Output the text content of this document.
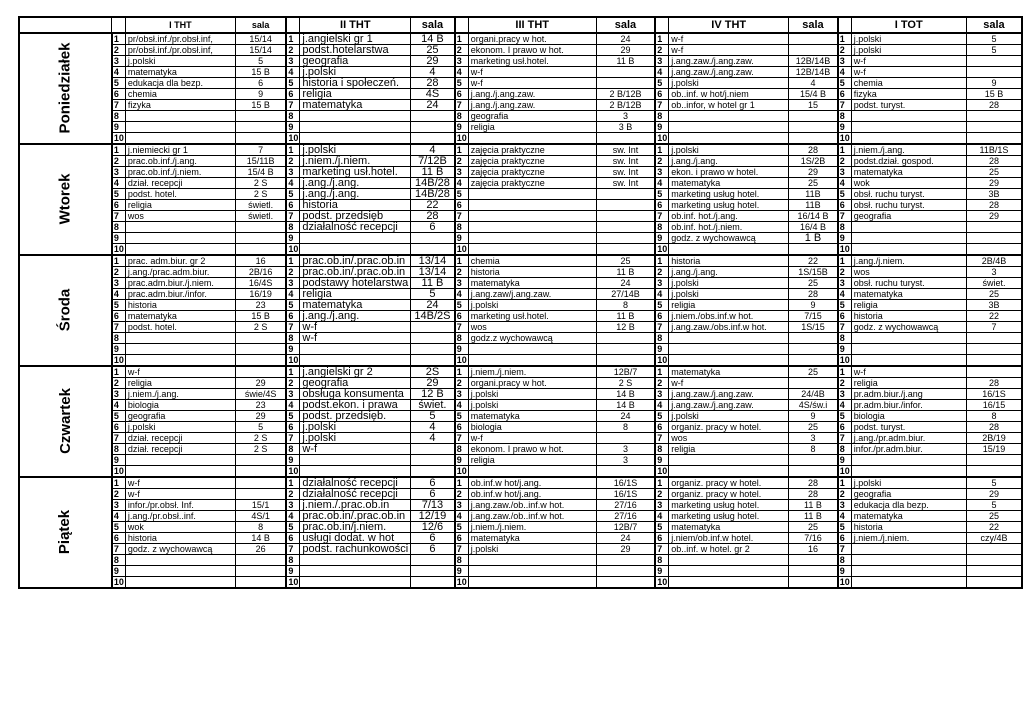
		I THT	sala		II THT	sala		III THT	sala		IV THT	sala		I TOT	sala
Poniedziałek	1	pr/obsł.inf./pr.obsł.inf,	15/14	1	j.angielski gr 1	14 B	1	organi.pracy w hot.	24	1	w-f		1	j.polski	5
	2	pr/obsł.inf./pr.obsł.inf,	15/14	2	podst.hotelarstwa	25	2	ekonom. I prawo w hot.	29	2	w-f		2	j.polski	5
	3	j.polski	5	3	geografia	29	3	marketing usł.hotel.	11 B	3	j.ang.zaw./j.ang.zaw.	12B/14B	3	w-f	
	4	matematyka	15 B	4	j.polski	4	4	w-f		4	j.ang.zaw./j.ang.zaw.	12B/14B	4	w-f	
	5	edukacja dla bezp.	6	5	historia i społeczeń.	28	5	w-f		5	j.polski	4	5	chemia	9
	6	chemia	9	6	religia	4S	6	j.ang./j.ang.zaw.	2 B/12B	6	ob..inf. w hot/j.niem	15/4 B	6	fizyka	15 B
	7	fizyka	15 B	7	matematyka	24	7	j.ang./j.ang.zaw.	2 B/12B	7	ob..infor, w hotel gr 1	15	7	podst. turyst.	28
	8			8			8	geografia	3	8			8		
	9			9			9	religia	3 B	9			9		
	10			10			10			10			10		
Wtorek	1	j.niemiecki gr 1	7	1	j.polski	4	1	zajęcia praktyczne	sw. Int	1	j.polski	28	1	j.niem./j.ang.	11B/1S
	2	prac.ob.inf./j.ang.	15/11B	2	j.niem./j.niem.	7/12B	2	zajęcia praktyczne	sw. Int	2	j.ang./j.ang.	1S/2B	2	podst.dział. gospod.	28
	3	prac.ob.inf./j.niem.	15/4 B	3	marketing usł.hotel.	11 B	3	zajęcia praktyczne	sw. Int	3	ekon. i prawo w hotel.	29	3	matematyka	25
	4	dział. recepcji	2 S	4	j.ang./j.ang.	14B/28	4	zajęcia praktyczne	sw. Int	4	matematyka	25	4	wok	29
	5	podst. hotel.	2 S	5	j.ang./j.ang.	14B/28	5			5	marketing usług hotel.	11B	5	obsł. ruchu turyst.	3B
	6	religia	świetl.	6	historia	22	6			6	marketing usług hotel.	11B	6	obsł. ruchu turyst.	28
	7	wos	świetl.	7	podst. przedsięb	28	7			7	ob.inf. hot./j.ang.	16/14 B	7	geografia	29
	8			8	działalność recepcji	6	8			8	ob.inf. hot./j.niem.	16/4 B	8		
	9			9			9			9	godz. z wychowawcą	1 B	9		
	10			10			10			10			10		
Środa	1	prac. adm.biur. gr 2	16	1	prac.ob.in/.prac.ob.in	13/14	1	chemia	25	1	historia	22	1	j.ang./j.niem.	2B/4B
	2	j.ang./prac.adm.biur.	2B/16	2	prac.ob.in/.prac.ob.in	13/14	2	historia	11 B	2	j.ang./j.ang.	1S/15B	2	wos	3
	3	prac.adm.biur./j.niem.	16/4S	3	podstawy hotelarstwa	11 B	3	matematyka	24	3	j.polski	25	3	obsł. ruchu turyst.	świet.
	4	prac.adm.biur./infor.	16/19	4	religia	5	4	j.ang.zaw/j.ang.zaw.	27/14B	4	j.polski	28	4	matematyka	25
	5	historia	23	5	matematyka	24	5	j.polski	8	5	religia	9	5	religia	3B
	6	matematyka	15 B	6	j.ang./j.ang.	14B/2S	6	marketing usł.hotel.	11 B	6	j.niem./obs.inf.w hot.	7/15	6	historia	22
	7	podst. hotel.	2 S	7	w-f		7	wos	12 B	7	j.ang.zaw./obs.inf.w hot.	1S/15	7	godz. z wychowawcą	7
	8			8	w-f		8	godz.z wychowawcą		8			8		
	9			9			9			9			9		
	10			10			10			10			10		
Czwartek	1	w-f		1	j.angielski gr 2	2S	1	j.niem./j.niem.	12B/7	1	matematyka	25	1	w-f	
	2	religia	29	2	geografia	29	2	organi.pracy w hot.	2 S	2	w-f		2	religia	28
	3	j.niem./j.ang.	świe/4S	3	obsługa konsumenta	12 B	3	j.polski	14 B	3	j.ang.zaw./j.ang.zaw.	24/4B	3	pr.adm.biur./j.ang	16/1S
	4	biologia	23	4	podst.ekon. i prawa	świet.	4	j.polski	14 B	4	j.ang.zaw./j.ang.zaw.	4S/św.i	4	pr.adm.biur./infor.	16/15
	5	geografia	29	5	podst. przedsięb.	5	5	matematyka	24	5	j.polski	9	5	biologia	8
	6	j.polski	5	6	j.polski	4	6	biologia	8	6	organiz. pracy w hotel.	25	6	podst. turyst.	28
	7	dział. recepcji	2 S	7	j.polski	4	7	w-f		7	wos	3	7	j.ang./pr.adm.biur.	2B/19
	8	dział. recepcji	2 S	8	w-f		8	ekonom. I prawo w hot.	3	8	religia	8	8	infor./pr.adm.biur.	15/19
	9			9			9	religia	3	9			9		
	10			10			10			10			10		
Piątek	1	w-f		1	działalność recepcji	6	1	ob.inf.w hot/j.ang.	16/1S	1	organiz. pracy w hotel.	28	1	j.polski	5
	2	w-f		2	działalność recepcji	6	2	ob.inf.w hot/j.ang.	16/1S	2	organiz. pracy w hotel.	28	2	geografia	29
	3	infor./pr.obsł. Inf.	15/1	3	j.niem./.prac.ob.in	7/13	3	j.ang.zaw./ob..inf.w hot.	27/16	3	marketing usług hotel.	11 B	3	edukacja dla bezp.	5
	4	j.ang./pr.obsł..inf.	4S/1	4	prac.ob.in/.prac.ob.in	12/19	4	j.ang.zaw./ob..inf.w hot.	27/16	4	marketing usług hotel.	11 B	4	matematyka	25
	5	wok	8	5	prac.ob.in/j.niem.	12/6	5	j.niem./j.niem.	12B/7	5	matematyka	25	5	historia	22
	6	historia	14 B	6	usługi dodat. w hot	6	6	matematyka	24	6	j.niem/ob.inf.w hotel.	7/16	6	j.niem./j.niem.	czy/4B
	7	godz. z wychowawcą	26	7	podst. rachunkowości	6	7	j.polski	29	7	ob..inf. w hotel. gr 2	16	7		
	8			8			8			8			8		
	9			9			9			9			9		
	10			10			10			10			10		
